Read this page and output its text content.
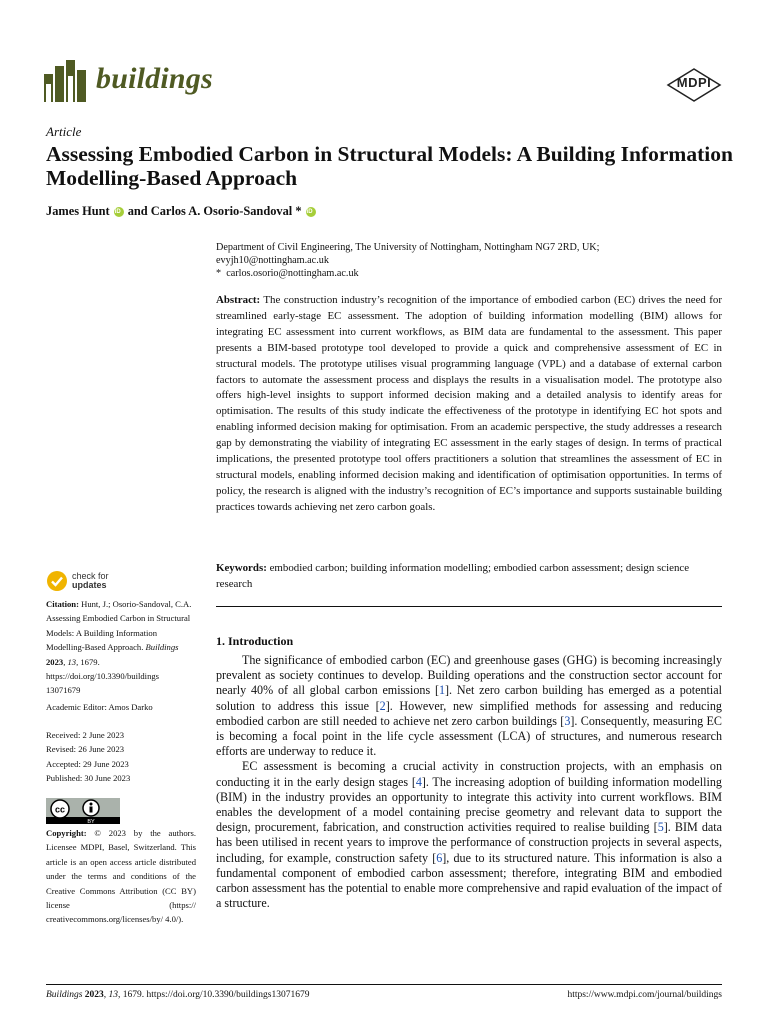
buildings	MDPI
Article
Assessing Embodied Carbon in Structural Models: A Building Information Modelling-Based Approach
James Hunt
iD and Carlos A. Osorio-Sandoval *
iD
Department of Civil Engineering, The University of Nottingham, Nottingham NG7 2RD, UK;
evyjh10@nottingham.ac.uk
*  carlos.osorio@nottingham.ac.uk
Abstract: The construction industry’s recognition of the importance of embodied carbon (EC) drives the need for streamlined early-stage EC assessment. The adoption of building information modelling (BIM) allows for integrating EC assessment into current workflows, as BIM data are fundamental to the assessment. This paper presents a BIM-based prototype tool developed to provide a quick and comprehensive assessment of EC in structural models. The prototype utilises visual programming language (VPL) and a database of external carbon factors to automate the assessment process and displays the results in a visualisation model. The prototype also offers high-level insights to support informed decision making and a detailed analysis to identify areas for optimisation. The results of this study indicate the effectiveness of the prototype in identifying EC hot spots and enabling informed decision making for optimisation. From an academic perspective, the study addresses a research gap by demonstrating the viability of integrating EC assessment in the early stages of design. In terms of practical implications, the presented prototype tool offers practitioners a solution that streamlines the assessment of EC in structural models, enabling informed decision making and identification of optimisation opportunities. In terms of policy, the research is aligned with the industry’s recognition of EC’s importance and supports sustainable building practices towards achieving net zero carbon goals.
Keywords: embodied carbon; building information modelling; embodied carbon assessment; design science research
check for
updates
Citation: Hunt, J.; Osorio-Sandoval, C.A. Assessing Embodied Carbon in Structural Models: A Building Information Modelling-Based Approach. Buildings 2023, 13, 1679. https://doi.org/10.3390/buildings 13071679
Academic Editor: Amos Darko
Received: 2 June 2023
Revised: 26 June 2023
Accepted: 29 June 2023
Published: 30 June 2023
cc
BY
Copyright: © 2023 by the authors. Licensee MDPI, Basel, Switzerland. This article is an open access article distributed under the terms and conditions of the Creative Commons Attribution (CC BY) license (https:// creativecommons.org/licenses/by/ 4.0/).
1. Introduction

The significance of embodied carbon (EC) and greenhouse gases (GHG) is becoming increasingly prevalent as society continues to develop. Building operations and the construction sector account for nearly 40% of all global carbon emissions [1]. Net zero carbon building has emerged as a potential solution to address this issue [2]. However, new simplified methods for assessing and reducing embodied carbon are still needed to achieve net zero carbon buildings [3]. Consequently, measuring EC is becoming a focal point in the life cycle assessment (LCA) of structures, and numerous research efforts are underway to reduce it.

EC assessment is becoming a crucial activity in construction projects, with an emphasis on conducting it in the early design stages [4]. The increasing adoption of building information modelling (BIM) in the industry provides an opportunity to integrate this activity into current workflows. BIM enables the development of a model containing precise geometry and relevant data to support the design, procurement, fabrication, and construction activities required to realise building [5]. BIM data has been utilised in recent years to improve the performance of construction projects in several aspects, including, for example, construction safety [6], due to its structured nature. This information is also a fundamental component of embodied carbon assessment; therefore, integrating BIM and embodied carbon assessment has the potential to enable more comprehensive and rapid evaluation of the impact of a structure.

Buildings 2023, 13, 1679. https://doi.org/10.3390/buildings13071679	https://www.mdpi.com/journal/buildings
